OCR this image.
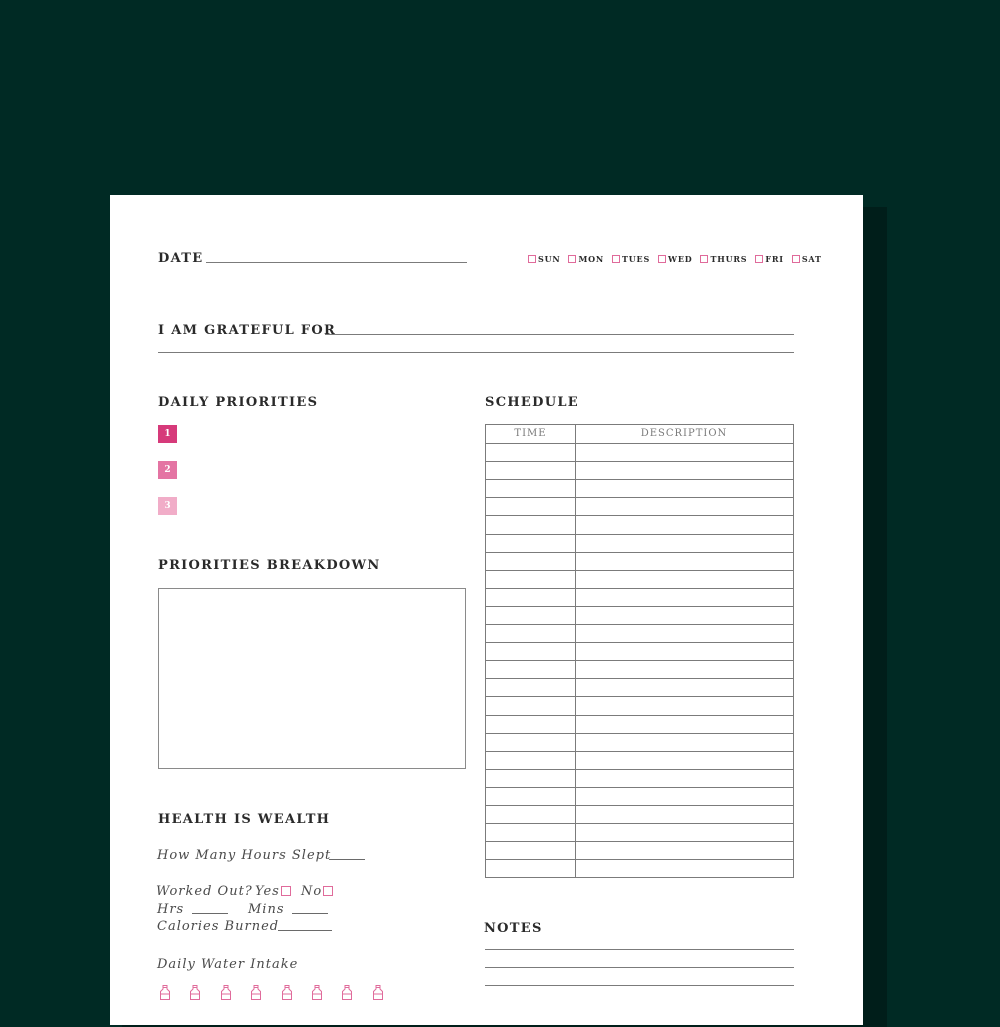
DATE	SUN MON TUES WED THURS FRI SAT
I AM GRATEFUL FOR
DAILY PRIORITIES
1
2
3
PRIORITIES BREAKDOWN
SCHEDULE
TIME	DESCRIPTION
HEALTH IS WEALTH
How Many Hours Slept
Worked Out? Yes	No
Hrs	Mins
Calories Burned
Daily Water Intake
NOTES
